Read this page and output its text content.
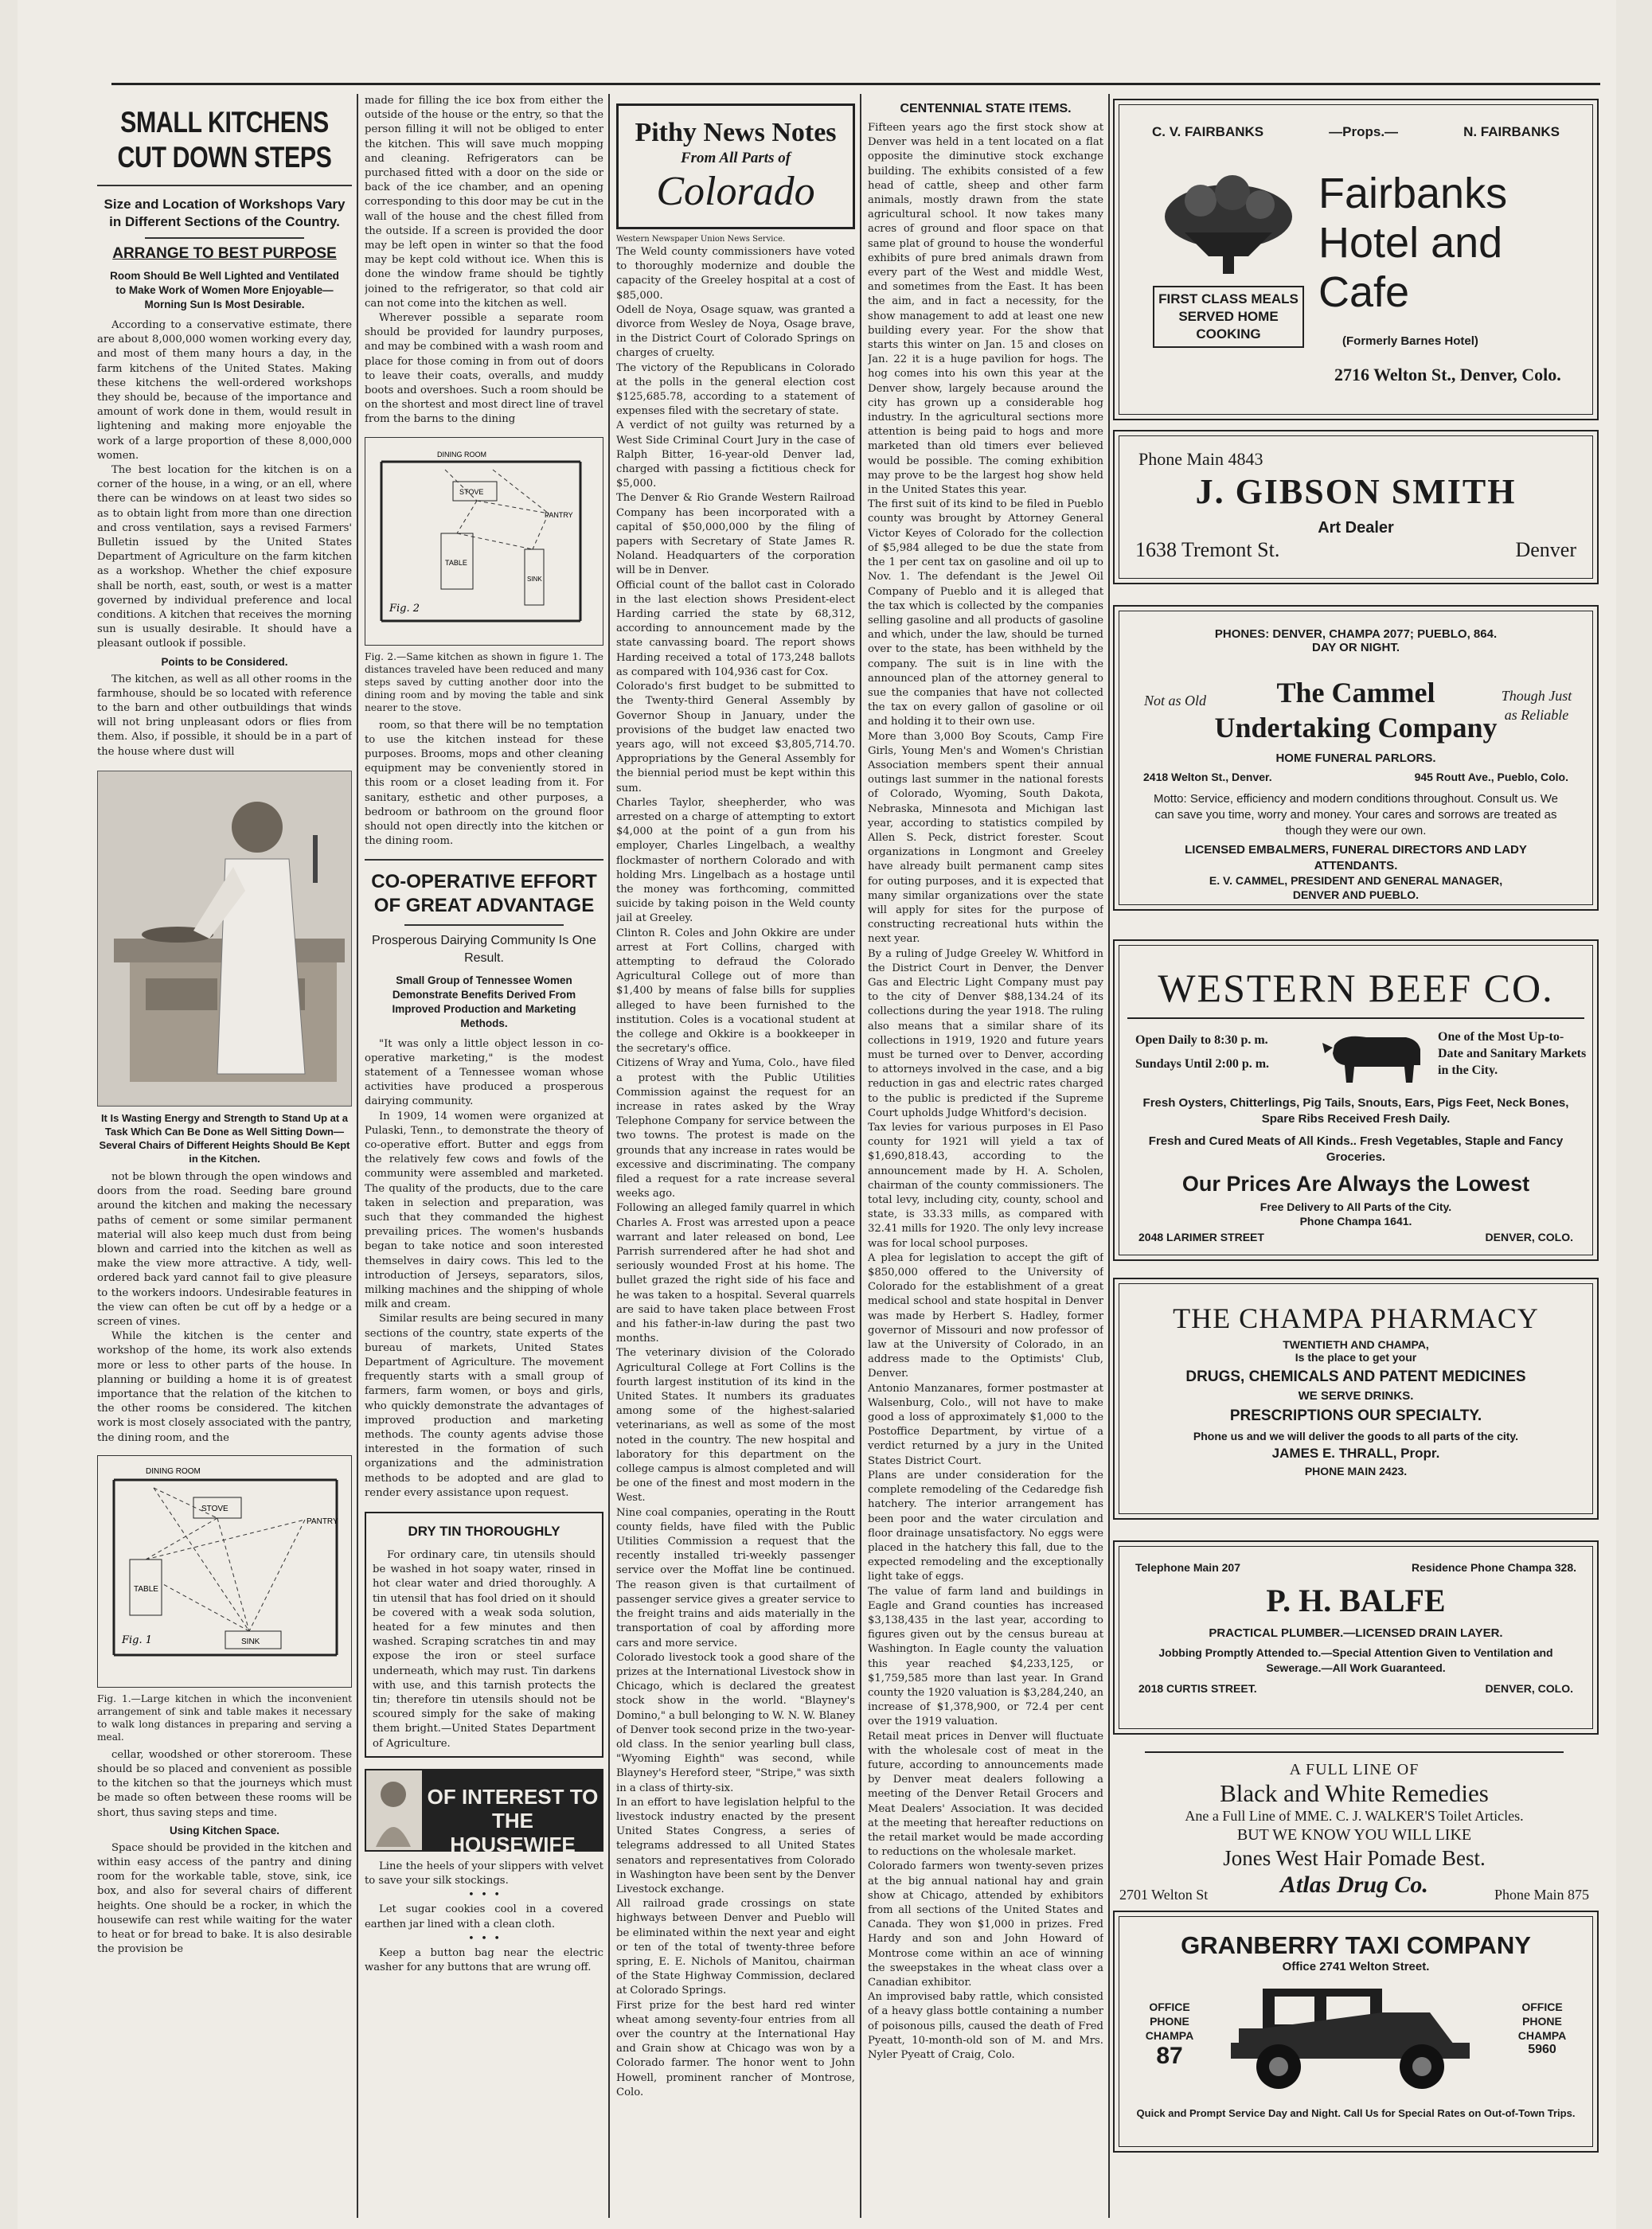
SMALL KITCHENS CUT DOWN STEPS
Size and Location of Workshops Vary in Different Sections of the Country.
ARRANGE TO BEST PURPOSE
Room Should Be Well Lighted and Ventilated to Make Work of Women More Enjoyable—Morning Sun Is Most Desirable.

According to a conservative estimate, there are about 8,000,000 women working every day, and most of them many hours a day, in the farm kitchens of the United States. Making these kitchens the well-ordered workshops they should be, because of the importance and amount of work done in them, would result in lightening and making more enjoyable the work of a large proportion of these 8,000,000 women.

The best location for the kitchen is on a corner of the house, in a wing, or an ell, where there can be windows on at least two sides so as to obtain light from more than one direction and cross ventilation, says a revised Farmers' Bulletin issued by the United States Department of Agriculture on the farm kitchen as a workshop. Whether the chief exposure shall be north, east, south, or west is a matter governed by individual preference and local conditions. A kitchen that receives the morning sun is usually desirable. It should have a pleasant outlook if possible.

Points to be Considered.

The kitchen, as well as all other rooms in the farmhouse, should be so located with reference to the barn and other outbuildings that winds will not bring unpleasant odors or flies from them. Also, if possible, it should be in a part of the house where dust will

It Is Wasting Energy and Strength to Stand Up at a Task Which Can Be Done as Well Sitting Down—Several Chairs of Different Heights Should Be Kept in the Kitchen.

not be blown through the open windows and doors from the road. Seeding bare ground around the kitchen and making the necessary paths of cement or some similar permanent material will also keep much dust from being blown and carried into the kitchen as well as make the view more attractive. A tidy, well-ordered back yard cannot fail to give pleasure to the workers indoors. Undesirable features in the view can often be cut off by a hedge or a screen of vines.

While the kitchen is the center and workshop of the home, its work also extends more or less to other parts of the house. In planning or building a home it is of greatest importance that the relation of the kitchen to the other rooms be considered. The kitchen work is most closely associated with the pantry, the dining room, and the

DINING ROOM
STOVE
PANTRY
TABLE
SINK
Fig. 1
Fig. 1.—Large kitchen in which the inconvenient arrangement of sink and table makes it necessary to walk long distances in preparing and serving a meal.

cellar, woodshed or other storeroom. These should be so placed and convenient as possible to the kitchen so that the journeys which must be made so often between these rooms will be short, thus saving steps and time.

Using Kitchen Space.

Space should be provided in the kitchen and within easy access of the pantry and dining room for the workable table, stove, sink, ice box, and also for several chairs of different heights. One should be a rocker, in which the housewife can rest while waiting for the water to heat or for bread to bake. It is also desirable the provision be

made for filling the ice box from either the outside of the house or the entry, so that the person filling it will not be obliged to enter the kitchen. This will save much mopping and cleaning. Refrigerators can be purchased fitted with a door on the side or back of the ice chamber, and an opening corresponding to this door may be cut in the wall of the house and the chest filled from the outside. If a screen is provided the door may be left open in winter so that the food may be kept cold without ice. When this is done the window frame should be tightly joined to the refrigerator, so that cold air can not come into the kitchen as well.

Wherever possible a separate room should be provided for laundry purposes, and may be combined with a wash room and place for those coming in from out of doors to leave their coats, overalls, and muddy boots and overshoes. Such a room should be on the shortest and most direct line of travel from the barns to the dining

DINING ROOM
STOVE
PANTRY
TABLE
SINK
Fig. 2
Fig. 2.—Same kitchen as shown in figure 1. The distances traveled have been reduced and many steps saved by cutting another door into the dining room and by moving the table and sink nearer to the stove.

room, so that there will be no temptation to use the kitchen instead for these purposes. Brooms, mops and other cleaning equipment may be conveniently stored in this room or a closet leading from it. For sanitary, esthetic and other purposes, a bedroom or bathroom on the ground floor should not open directly into the kitchen or the dining room.

CO-OPERATIVE EFFORT OF GREAT ADVANTAGE
Prosperous Dairying Community Is One Result.
Small Group of Tennessee Women Demonstrate Benefits Derived From Improved Production and Marketing Methods.

"It was only a little object lesson in co-operative marketing," is the modest statement of a Tennessee woman whose activities have produced a prosperous dairying community.

In 1909, 14 women were organized at Pulaski, Tenn., to demonstrate the theory of co-operative effort. Butter and eggs from the relatively few cows and fowls of the community were assembled and marketed. The quality of the products, due to the care taken in selection and preparation, was such that they commanded the highest prevailing prices. The women's husbands began to take notice and soon interested themselves in dairy cows. This led to the introduction of Jerseys, separators, silos, milking machines and the shipping of whole milk and cream.

Similar results are being secured in many sections of the country, state experts of the bureau of markets, United States Department of Agriculture. The movement frequently starts with a small group of farmers, farm women, or boys and girls, who quickly demonstrate the advantages of improved production and marketing methods. The county agents advise those interested in the formation of such organizations and the administration methods to be adopted and are glad to render every assistance upon request.

DRY TIN THOROUGHLY

For ordinary care, tin utensils should be washed in hot soapy water, rinsed in hot clear water and dried thoroughly. A tin utensil that has fool dried on it should be covered with a weak soda solution, heated for a few minutes and then washed. Scraping scratches tin and may expose the iron or steel surface underneath, which may rust. Tin darkens with use, and this tarnish protects the tin; therefore tin utensils should not be scoured simply for the sake of making them bright.—United States Department of Agriculture.

OF INTEREST TO THE HOUSEWIFE

Line the heels of your slippers with velvet to save your silk stockings.

•  •  •

Let sugar cookies cool in a covered earthen jar lined with a clean cloth.

•  •  •

Keep a button bag near the electric washer for any buttons that are wrung off.

Pithy News Notes
From All Parts of
Colorado
Western Newspaper Union News Service.
The Weld county commissioners have voted to thoroughly modernize and double the capacity of the Greeley hospital at a cost of $85,000.
Odell de Noya, Osage squaw, was granted a divorce from Wesley de Noya, Osage brave, in the District Court of Colorado Springs on charges of cruelty.
The victory of the Republicans in Colorado at the polls in the general election cost $125,685.78, according to a statement of expenses filed with the secretary of state.
A verdict of not guilty was returned by a West Side Criminal Court Jury in the case of Ralph Bitter, 16-year-old Denver lad, charged with passing a fictitious check for $5,000.
The Denver & Rio Grande Western Railroad Company has been incorporated with a capital of $50,000,000 by the filing of papers with Secretary of State James R. Noland. Headquarters of the corporation will be in Denver.
Official count of the ballot cast in Colorado in the last election shows President-elect Harding carried the state by 68,312, according to announcement made by the state canvassing board. The report shows Harding received a total of 173,248 ballots as compared with 104,936 cast for Cox.
Colorado's first budget to be submitted to the Twenty-third General Assembly by Governor Shoup in January, under the provisions of the budget law enacted two years ago, will not exceed $3,805,714.70. Appropriations by the General Assembly for the biennial period must be kept within this sum.
Charles Taylor, sheepherder, who was arrested on a charge of attempting to extort $4,000 at the point of a gun from his employer, Charles Lingelbach, a wealthy flockmaster of northern Colorado and with holding Mrs. Lingelbach as a hostage until the money was forthcoming, committed suicide by taking poison in the Weld county jail at Greeley.
Clinton R. Coles and John Okkire are under arrest at Fort Collins, charged with attempting to defraud the Colorado Agricultural College out of more than $1,400 by means of false bills for supplies alleged to have been furnished to the institution. Coles is a vocational student at the college and Okkire is a bookkeeper in the secretary's office.
Citizens of Wray and Yuma, Colo., have filed a protest with the Public Utilities Commission against the request for an increase in rates asked by the Wray Telephone Company for service between the two towns. The protest is made on the grounds that any increase in rates would be excessive and discriminating. The company filed a request for a rate increase several weeks ago.
Following an alleged family quarrel in which Charles A. Frost was arrested upon a peace warrant and later released on bond, Lee Parrish surrendered after he had shot and seriously wounded Frost at his home. The bullet grazed the right side of his face and he was taken to a hospital. Several quarrels are said to have taken place between Frost and his father-in-law during the past two months.
The veterinary division of the Colorado Agricultural College at Fort Collins is the fourth largest institution of its kind in the United States. It numbers its graduates among some of the highest-salaried veterinarians, as well as some of the most noted in the country. The new hospital and laboratory for this department on the college campus is almost completed and will be one of the finest and most modern in the West.
Nine coal companies, operating in the Routt county fields, have filed with the Public Utilities Commission a request that the recently installed tri-weekly passenger service over the Moffat line be continued. The reason given is that curtailment of passenger service gives a greater service to the freight trains and aids materially in the transportation of coal by affording more cars and more service.
Colorado livestock took a good share of the prizes at the International Livestock show in Chicago, which is declared the greatest stock show in the world. "Blayney's Domino," a bull belonging to W. N. W. Blaney of Denver took second prize in the two-year-old class. In the senior yearling bull class, "Wyoming Eighth" was second, while Blayney's Hereford steer, "Stripe," was sixth in a class of thirty-six.
In an effort to have legislation helpful to the livestock industry enacted by the present United States Congress, a series of telegrams addressed to all United States senators and representatives from Colorado in Washington have been sent by the Denver Livestock exchange.
All railroad grade crossings on state highways between Denver and Pueblo will be eliminated within the next year and eight or ten of the total of twenty-three before spring, E. E. Nichols of Manitou, chairman of the State Highway Commission, declared at Colorado Springs.
First prize for the best hard red winter wheat among seventy-four entries from all over the country at the International Hay and Grain show at Chicago was won by a Colorado farmer. The honor went to John Howell, prominent rancher of Montrose, Colo.
CENTENNIAL STATE ITEMS.
Fifteen years ago the first stock show at Denver was held in a tent located on a flat opposite the diminutive stock exchange building. The exhibits consisted of a few head of cattle, sheep and other farm animals, mostly drawn from the state agricultural school. It now takes many acres of ground and floor space on that same plat of ground to house the wonderful exhibits of pure bred animals drawn from every part of the West and middle West, and sometimes from the East. It has been the aim, and in fact a necessity, for the show management to add at least one new building every year. For the show that starts this winter on Jan. 15 and closes on Jan. 22 it is a huge pavilion for hogs. The hog comes into his own this year at the Denver show, largely because around the city has grown up a considerable hog industry. In the agricultural sections more attention is being paid to hogs and more marketed than old timers ever believed would be possible. The coming exhibition may prove to be the largest hog show held in the United States this year.
The first suit of its kind to be filed in Pueblo county was brought by Attorney General Victor Keyes of Colorado for the collection of $5,984 alleged to be due the state from the 1 per cent tax on gasoline and oil up to Nov. 1. The defendant is the Jewel Oil Company of Pueblo and it is alleged that the tax which is collected by the companies selling gasoline and all products of gasoline and which, under the law, should be turned over to the state, has been withheld by the company. The suit is in line with the announced plan of the attorney general to sue the companies that have not collected the tax on every gallon of gasoline or oil and holding it to their own use.
More than 3,000 Boy Scouts, Camp Fire Girls, Young Men's and Women's Christian Association members spent their annual outings last summer in the national forests of Colorado, Wyoming, South Dakota, Nebraska, Minnesota and Michigan last year, according to statistics compiled by Allen S. Peck, district forester. Scout organizations in Longmont and Greeley have already built permanent camp sites for outing purposes, and it is expected that many similar organizations over the state will apply for sites for the purpose of constructing recreational huts within the next year.
By a ruling of Judge Greeley W. Whitford in the District Court in Denver, the Denver Gas and Electric Light Company must pay to the city of Denver $88,134.24 of its collections during the year 1918. The ruling also means that a similar share of its collections in 1919, 1920 and future years must be turned over to Denver, according to attorneys involved in the case, and a big reduction in gas and electric rates charged to the public is predicted if the Supreme Court upholds Judge Whitford's decision.
Tax levies for various purposes in El Paso county for 1921 will yield a tax of $1,690,818.43, according to the announcement made by H. A. Scholen, chairman of the county commissioners. The total levy, including city, county, school and state, is 33.33 mills, as compared with 32.41 mills for 1920. The only levy increase was for local school purposes.
A plea for legislation to accept the gift of $850,000 offered to the University of Colorado for the establishment of a great medical school and state hospital in Denver was made by Herbert S. Hadley, former governor of Missouri and now professor of law at the University of Colorado, in an address made to the Optimists' Club, Denver.
Antonio Manzanares, former postmaster at Walsenburg, Colo., will not have to make good a loss of approximately $1,000 to the Postoffice Department, by virtue of a verdict returned by a jury in the United States District Court.
Plans are under consideration for the complete remodeling of the Cedaredge fish hatchery. The interior arrangement has been poor and the water circulation and floor drainage unsatisfactory. No eggs were placed in the hatchery this fall, due to the expected remodeling and the exceptionally light take of eggs.
The value of farm land and buildings in Eagle and Grand counties has increased $3,138,435 in the last year, according to figures given out by the census bureau at Washington. In Eagle county the valuation this year reached $4,233,125, or $1,759,585 more than last year. In Grand county the 1920 valuation is $3,284,240, an increase of $1,378,900, or 72.4 per cent over the 1919 valuation.
Retail meat prices in Denver will fluctuate with the wholesale cost of meat in the future, according to announcements made by Denver meat dealers following a meeting of the Denver Retail Grocers and Meat Dealers' Association. It was decided at the meeting that hereafter reductions on the retail market would be made according to reductions on the wholesale market.
Colorado farmers won twenty-seven prizes at the big annual national hay and grain show at Chicago, attended by exhibitors from all sections of the United States and Canada. They won $1,000 in prizes. Fred Hardy and son and John Howard of Montrose come within an ace of winning the sweepstakes in the wheat class over a Canadian exhibitor.
An improvised baby rattle, which consisted of a heavy glass bottle containing a number of poisonous pills, caused the death of Fred Pyeatt, 10-month-old son of M. and Mrs. Nyler Pyeatt of Craig, Colo.
C. V. FAIRBANKS	—Props.—	N. FAIRBANKS
FIRST CLASS MEALS SERVED HOME COOKING
Fairbanks
Hotel and
Cafe
(Formerly Barnes Hotel)
2716 Welton St., Denver, Colo.
Phone Main 4843
J. GIBSON SMITH
Art Dealer
1638 Tremont St.	Denver
PHONES: DENVER, CHAMPA 2077; PUEBLO, 864.
DAY OR NIGHT.
Not as Old	The Cammel
Undertaking Company
Though Just as Reliable
HOME FUNERAL PARLORS.
2418 Welton St., Denver.	945 Routt Ave., Pueblo, Colo.
Motto: Service, efficiency and modern conditions throughout. Consult us. We can save you time, worry and money. Your cares and sorrows are treated as though they were our own.
LICENSED EMBALMERS, FUNERAL DIRECTORS AND LADY ATTENDANTS.
E. V. CAMMEL, PRESIDENT AND GENERAL MANAGER,
DENVER AND PUEBLO.
WESTERN BEEF CO.
Open Daily to 8:30 p. m.
Sundays Until 2:00 p. m.
One of the Most Up-to-Date and Sanitary Markets in the City.
Fresh Oysters, Chitterlings, Pig Tails, Snouts, Ears, Pigs Feet, Neck Bones, Spare Ribs Received Fresh Daily.
Fresh and Cured Meats of All Kinds.. Fresh Vegetables, Staple and Fancy Groceries.
Our Prices Are Always the Lowest
Free Delivery to All Parts of the City.
Phone Champa 1641.
2048 LARIMER STREET	DENVER, COLO.
THE CHAMPA PHARMACY
TWENTIETH AND CHAMPA,
Is the place to get your
DRUGS, CHEMICALS AND PATENT MEDICINES
WE SERVE DRINKS.
PRESCRIPTIONS OUR SPECIALTY.
Phone us and we will deliver the goods to all parts of the city.
JAMES E. THRALL, Propr.
PHONE MAIN 2423.
Telephone Main 207	Residence Phone Champa 328.
P. H. BALFE
PRACTICAL PLUMBER.—LICENSED DRAIN LAYER.
Jobbing Promptly Attended to.—Special Attention Given to Ventilation and Sewerage.—All Work Guaranteed.
2018 CURTIS STREET.	DENVER, COLO.
A FULL LINE OF
Black and White Remedies
Ane a Full Line of MME. C. J. WALKER'S Toilet Articles.
BUT WE KNOW YOU WILL LIKE
Jones West Hair Pomade Best.
Atlas Drug Co.
2701 Welton St	Phone Main 875
GRANBERRY TAXI COMPANY
Office 2741 Welton Street.
OFFICE PHONE CHAMPA
87
OFFICE PHONE CHAMPA
5960
Quick and Prompt Service Day and Night. Call Us for Special Rates on Out-of-Town Trips.
